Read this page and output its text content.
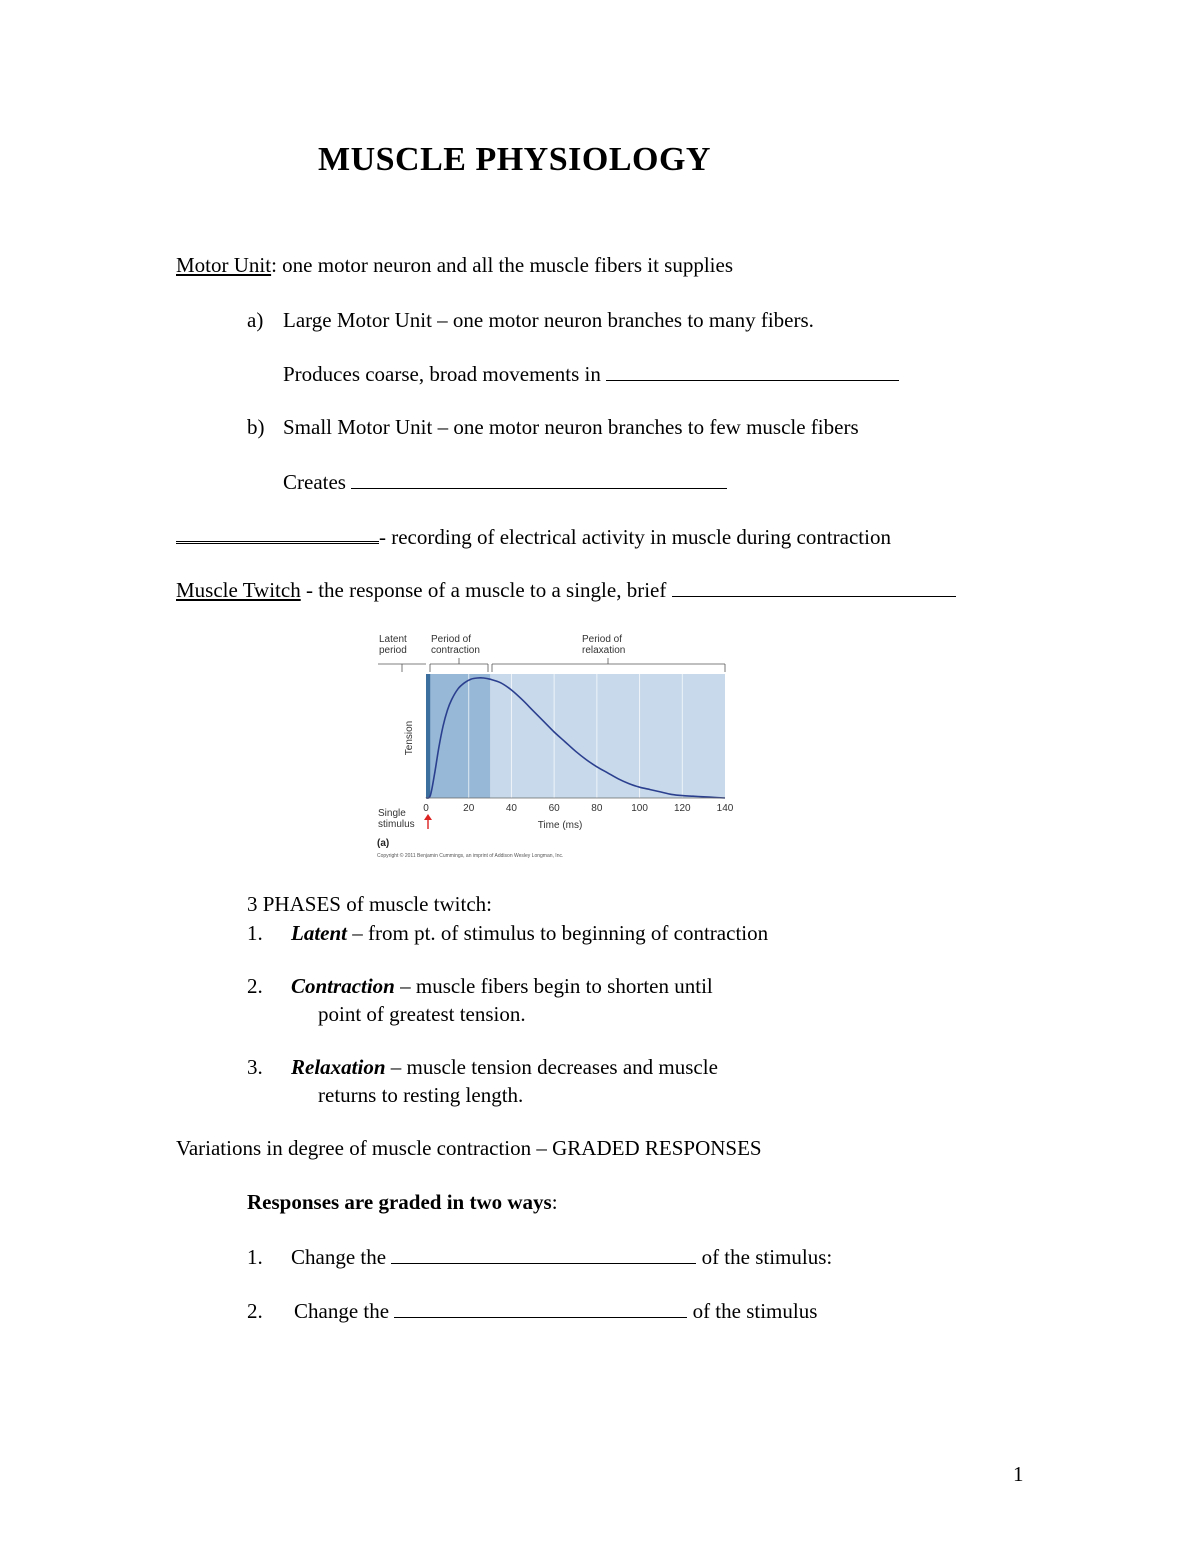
MUSCLE PHYSIOLOGY
Motor Unit: one motor neuron and all the muscle fibers it supplies
a) Large Motor Unit – one motor neuron branches to many fibers.
Produces coarse, broad movements in
b) Small Motor Unit – one motor neuron branches to few muscle fibers
Creates
- recording of electrical activity in muscle during contraction
Muscle Twitch - the response of a muscle to a single, brief
Latent
period
Period of
contraction
Period of
relaxation
0	20	40	60	80	100	120	140
Tension
Single
stimulus	Time (ms)
(a)
Copyright © 2011 Benjamin Cummings, an imprint of Addison Wesley Longman, Inc.
3 PHASES of muscle twitch:
1. Latent – from pt. of stimulus to beginning of contraction
2. Contraction – muscle fibers begin to shorten until
point of greatest tension.
3. Relaxation – muscle tension decreases and muscle
returns to resting length.
Variations in degree of muscle contraction – GRADED RESPONSES
Responses are graded in two ways:
1. Change the	of the stimulus:
2. Change the	of the stimulus
1
